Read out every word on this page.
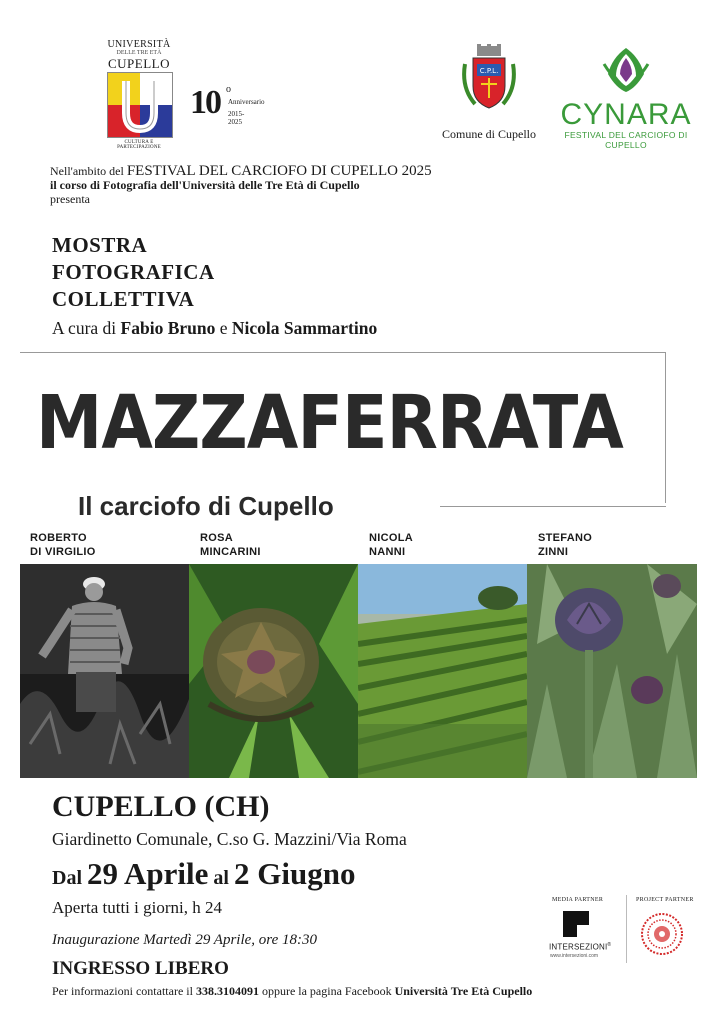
UNIVERSITÀ
DELLE TRE ETÀ
CUPELLO
CULTURA E PARTECIPAZIONE
10 o
Anniversario
2015-2025
C.P.L.
Comune di Cupello
CYNARA
FESTIVAL DEL CARCIOFO DI CUPELLO
Nell'ambito del FESTIVAL DEL CARCIOFO DI CUPELLO 2025
il corso di Fotografia dell'Università delle Tre Età di Cupello
presenta
MOSTRA
FOTOGRAFICA
COLLETTIVA
A cura di Fabio Bruno e Nicola Sammartino
MAZZAFERRATA
Il carciofo di Cupello
ROBERTO
DI VIRGILIO
ROSA
MINCARINI
NICOLA
NANNI
STEFANO
ZINNI
CUPELLO (CH)
Giardinetto Comunale, C.so G. Mazzini/Via Roma
Dal 29 Aprile al 2 Giugno
Aperta tutti i giorni, h 24
Inaugurazione Martedì 29 Aprile, ore 18:30
INGRESSO LIBERO
Per informazioni contattare il 338.3104091 oppure la pagina Facebook Università Tre Età Cupello
MEDIA PARTNER	PROJECT PARTNER
INTERSEZIONI®
www.intersezioni.com
